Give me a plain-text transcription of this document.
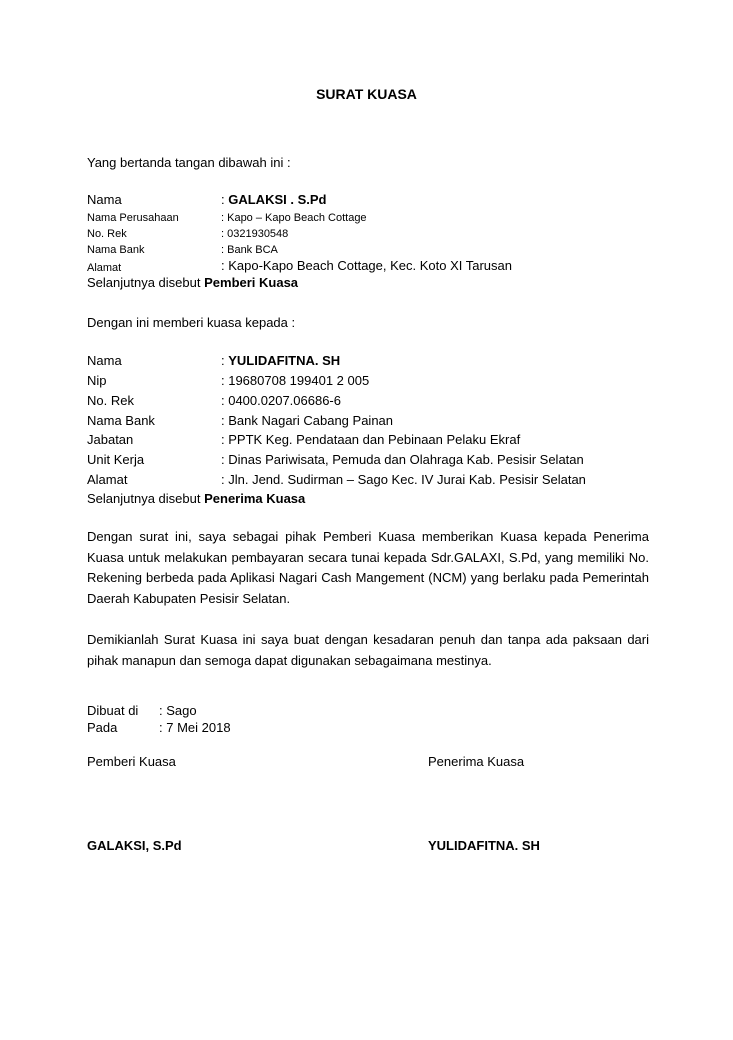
SURAT KUASA
Yang bertanda tangan dibawah ini :
Nama	: GALAKSI . S.Pd
Nama Perusahaan	: Kapo – Kapo Beach Cottage
No. Rek	: 0321930548
Nama Bank	: Bank BCA
Alamat	: Kapo-Kapo Beach Cottage, Kec. Koto XI Tarusan
Selanjutnya disebut Pemberi Kuasa
Dengan ini memberi kuasa kepada :
Nama	: YULIDAFITNA. SH
Nip	: 19680708 199401 2 005
No. Rek	: 0400.0207.06686-6
Nama Bank	: Bank Nagari Cabang Painan
Jabatan	: PPTK Keg. Pendataan dan Pebinaan Pelaku Ekraf
Unit Kerja	: Dinas Pariwisata, Pemuda dan Olahraga Kab. Pesisir Selatan
Alamat	: Jln. Jend. Sudirman – Sago Kec. IV Jurai Kab. Pesisir Selatan
Selanjutnya disebut Penerima Kuasa
Dengan surat ini, saya sebagai pihak Pemberi Kuasa memberikan Kuasa kepada Penerima Kuasa untuk melakukan pembayaran secara tunai kepada Sdr.GALAXI, S.Pd, yang memiliki No. Rekening berbeda pada Aplikasi Nagari Cash Mangement (NCM) yang berlaku pada Pemerintah Daerah Kabupaten Pesisir Selatan.
Demikianlah Surat Kuasa ini saya buat dengan kesadaran penuh dan tanpa ada paksaan dari pihak manapun dan semoga dapat digunakan sebagaimana mestinya.
Dibuat di : Sago
Pada	: 7 Mei 2018
Pemberi Kuasa	Penerima Kuasa
GALAKSI, S.Pd	YULIDAFITNA. SH
